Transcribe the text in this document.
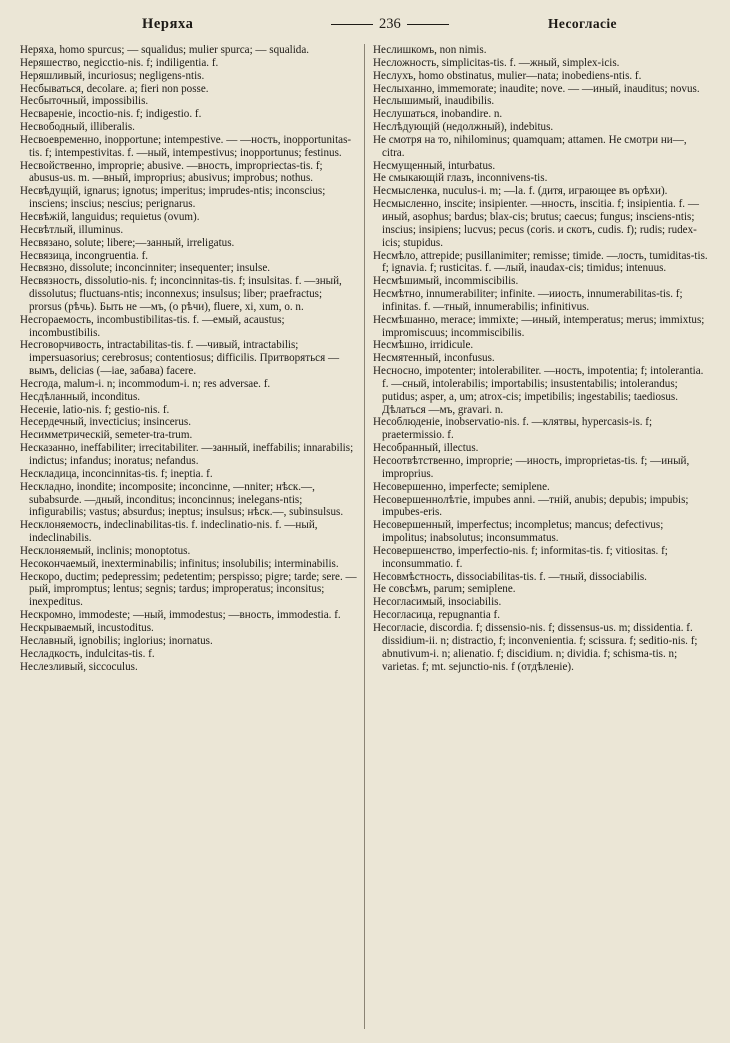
Неряха	236	Несогласie

Неряха, homo spurcus; — squalidus; mulier spurca; — squalida.

Неряшество, negicctio-nis. f; indiligentia. f.

Неряшливый, incuriosus; negligens-ntis.

Несбываться, decolare. a; fieri non posse.

Несбыточный, impossibilis.

Несваренie, incoctio-nis. f; indigestio. f.

Несвободный, illiberalis.

Несвоевременно, inopportune; intempestive. — —ность, inopportunitas-tis. f; intempestivitas. f. —ный, intempestivus; inopportunus; festinus.

Несвойственно, improprie; abusive. —вность, impropriectas-tis. f; abusus-us. m. —вный, improprius; abusivus; improbus; nothus.

Несвѣдущiй, ignarus; ignotus; imperitus; imprudes-ntis; inconscius; insciens; inscius; nescius; perignarus.

Несвѣжiй, languidus; requietus (ovum).

Несвѣтлый, illuminus.

Несвязано, solute; libere;—занный, irreligatus.

Несвязица, incongruentia. f.

Несвязно, dissolute; inconcinniter; insequenter; insulse.

Несвязность, dissolutio-nis. f; inconcinnitas-tis. f; insulsitas. f. —зный, dissolutus; fluctuans-ntis; inconnexus; insulsus; liber; praefractus; prorsus (рѣчь). Быть не —мъ, (о рѣчи), fluere, xi, xum, o. n.

Несгораемость, incombustibilitas-tis. f. —емый, acaustus; incombustibilis.

Несговорчивость, intractabilitas-tis. f. —чивый, intractabilis; impersuasorius; cerebrosus; contentiosus; difficilis. Притворяться —вымъ, delicias (—iae, забава) facere.

Несгода, malum-i. n; incommodum-i. n; res adversae. f.

Несдѣланный, inconditus.

Несенie, latio-nis. f; gestio-nis. f.

Несердечный, invecticius; insincerus.

Несимметрическiй, semeter-tra-trum.

Несказанно, ineffabiliter; irrecitabiliter. —занный, ineffabilis; innarabilis; indictus; infandus; inoratus; nefandus.

Нескладица, inconcinnitas-tis. f; ineptia. f.

Нескладно, inondite; incomposite; inconcinne, —nniter; нѣск.—, subabsurde. —дный, inconditus; inconcinnus; inelegans-ntis; infigurabilis; vastus; absurdus; ineptus; insulsus; нѣск.—, subinsulsus.

Несклоняемость, indeclinabilitas-tis. f. indeclinatio-nis. f. —ный, indeclinabilis.

Несклоняемый, inclinis; monoptotus.

Несокончаемый, inexterminabilis; infinitus; insolubilis; interminabilis.

Нескоро, ductim; pedepressim; pedetentim; perspisso; pigre; tarde; sere. —рый, impromptus; lentus; segnis; tardus; improperatus; inconsitus; inexpeditus.

Нескромно, immodeste; —ный, immodestus; —вность, immodestia. f.

Нескрываемый, incustoditus.

Неславный, ignobilis; inglorius; inornatus.

Несладкость, indulcitas-tis. f.

Неслезливый, siccoculus.

Неслишкомъ, non nimis.

Несложность, simplicitas-tis. f. —жный, simplex-icis.

Неслухъ, homo obstinatus, mulier—nata; inobediens-ntis. f.

Неслыханно, immemorate; inaudite; nove. — —иный, inauditus; novus.

Неслышимый, inaudibilis.

Неслушаться, inobandire. n.

Неслѣдующiй (недолжный), indebitus.

Не смотря на то, nihilominus; quamquam; attamen. Не смотри ни—, citra.

Несмущенный, inturbatus.

Не смыкающiй глазъ, inconnivens-tis.

Несмысленка, nuculus-i. m; —la. f. (дитя, играющее въ орѣхи).

Несмысленно, inscite; insipienter. —нность, inscitia. f; insipientia. f. —иный, asophus; bardus; blax-cis; brutus; caecus; fungus; insciens-ntis; inscius; insipiens; lucvus; pecus (coris. и скотъ, cudis. f); rudis; rudex-icis; stupidus.

Несмѣло, attrepide; pusillanimiter; remisse; timide. —лость, tumiditas-tis. f; ignavia. f; rusticitas. f. —лый, inaudax-cis; timidus; intenuus.

Несмѣшимый, incommiscibilis.

Несмѣтно, innumerabiliter; infinite. —ииость, innumerabilitas-tis. f; infinitas. f. —тный, innumerabilis; infinitivus.

Несмѣшанно, merace; immixte; —иный, intemperatus; merus; immixtus; impromiscuus; incommiscibilis.

Несмѣшно, irridicule.

Несмятенный, inconfusus.

Несносно, impotenter; intolerabiliter. —ность, impotentia; f; intolerantia. f. —сный, intolerabilis; importabilis; insustentabilis; intolerandus; putidus; asper, a, um; atrox-cis; impetibilis; ingestabilis; taediosus. Дѣлаться —мъ, gravari. n.

Несоблюденie, inobservatio-nis. f. —клятвы, hypercasis-is. f; praetermissio. f.

Несобранный, illectus.

Несоотвѣтственно, improprie; —иность, improprietas-tis. f; —иный, improprius.

Несовершенно, imperfecte; semiplene.

Несовершеннолѣтie, impubes anni. —тнiй, anubis; depubis; impubis; impubes-eris.

Несовершенный, imperfectus; incompletus; mancus; defectivus; impolitus; inabsolutus; inconsummatus.

Несовершенство, imperfectio-nis. f; informitas-tis. f; vitiositas. f; inconsummatio. f.

Несовмѣстность, dissociabilitas-tis. f. —тный, dissociabilis.

Не совсѣмъ, parum; semiplene.

Несогласимый, insociabilis.

Несогласица, repugnantia f.

Несогласie, discordia. f; dissensio-nis. f; dissensus-us. m; dissidentia. f. dissidium-ii. n; distractio, f; inconvenientia. f; scissura. f; seditio-nis. f; abnutivum-i. n; alienatio. f; discidium. n; dividia. f; schisma-tis. n; varietas. f; mt. sejunctio-nis. f (отдѣленie).
